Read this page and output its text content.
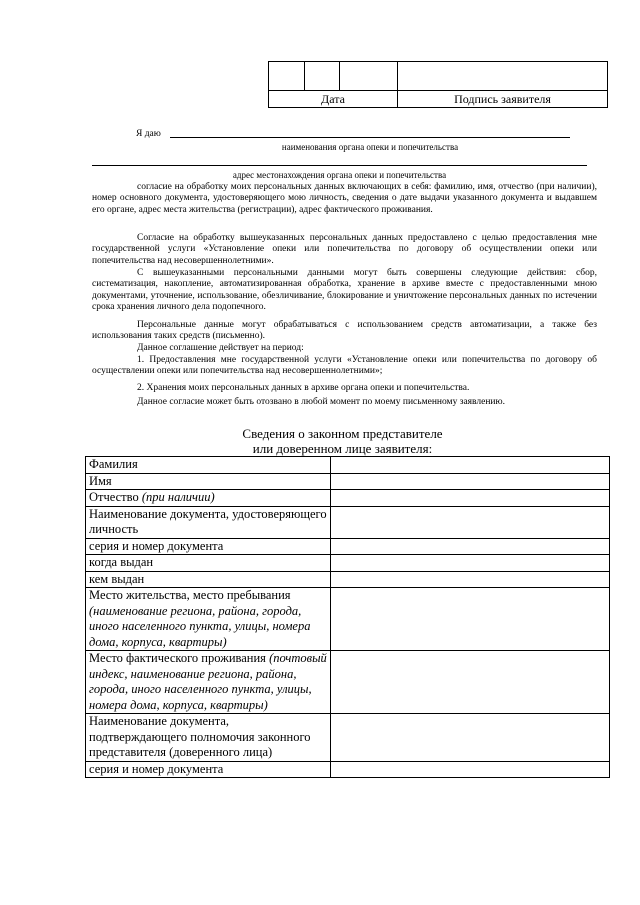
Дата			Подпись заявителя
Я даю
наименования органа опеки и попечительства
адрес местонахождения органа опеки и попечительства

согласие на обработку моих персональных данных включающих в себя: фамилию, имя, отчество (при наличии), номер основного документа, удостоверяющего мою личность, сведения о дате выдачи указанного документа и выдавшем его органе, адрес места жительства (регистрации), адрес фактического проживания.

Согласие на обработку вышеуказанных персональных данных предоставлено с целью предоставления мне государственной услуги «Установление опеки или попечительства по договору об осуществлении опеки или попечительства над несовершеннолетними».

С вышеуказанными персональными данными могут быть совершены следующие действия: сбор, систематизация, накопление, автоматизированная обработка, хранение в архиве вместе с предоставленными мною документами, уточнение, использование, обезличивание, блокирование и уничтожение персональных данных по истечении срока хранения личного дела подопечного.

Персональные данные могут обрабатываться с использованием средств автоматизации, а также без использования таких средств (письменно).

Данное соглашение действует на период:

1. Предоставления мне государственной услуги «Установление опеки или попечительства по договору об осуществлении опеки или попечительства над несовершеннолетними»;

2. Хранения моих персональных данных в архиве органа опеки и попечительства.

Данное согласие может быть отозвано в любой момент по моему письменному заявлению.

Сведения о законном представителе
или доверенном лице заявителя:
Фамилия	
Имя	
Отчество (при наличии)	
Наименование документа, удостоверяющего личность	
серия и номер документа	
когда выдан	
кем выдан	
Место жительства, место пребывания (наименование региона, района, города, иного населенного пункта, улицы, номера дома, корпуса, квартиры)	
Место фактического проживания (почтовый индекс, наименование региона, района, города, иного населенного пункта, улицы, номера дома, корпуса, квартиры)	
Наименование документа, подтверждающего полномочия законного представителя (доверенного лица)	
серия и номер документа	
